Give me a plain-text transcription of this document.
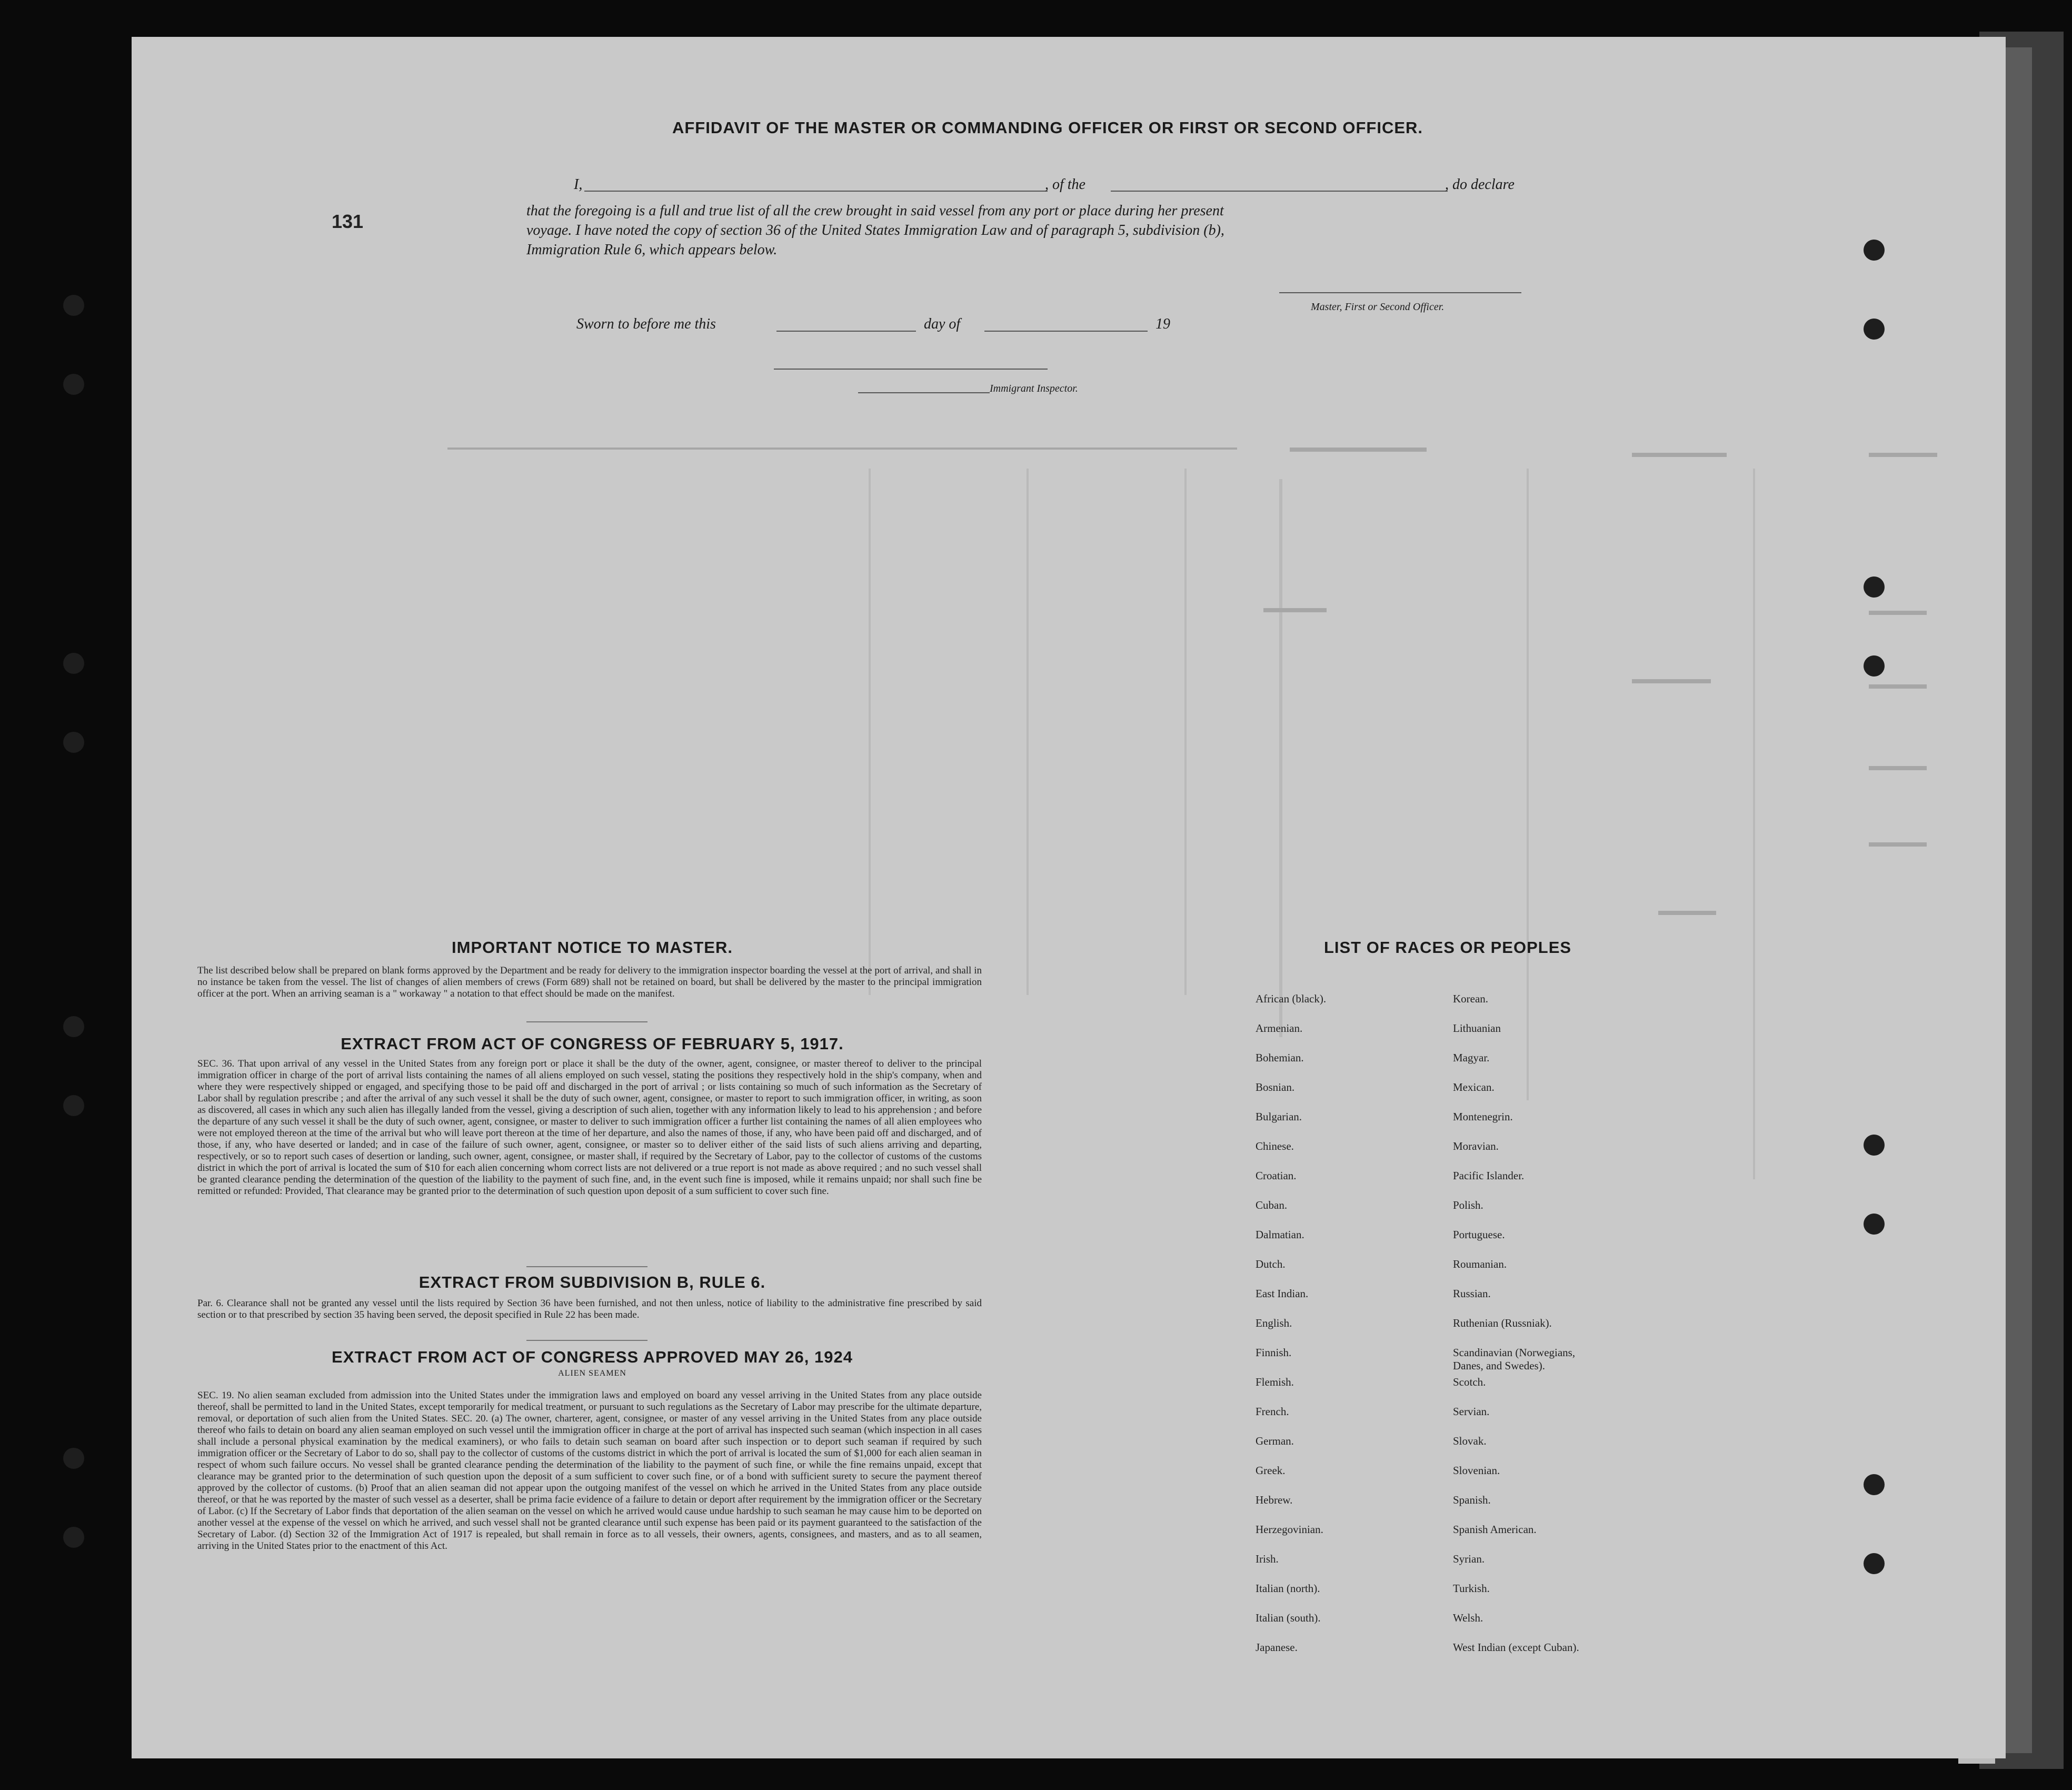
AFFIDAVIT OF THE MASTER OR COMMANDING OFFICER OR FIRST OR SECOND OFFICER.
I,	, of the	, do declare
that the foregoing is a full and true list of all the crew brought in said vessel from any port or place during her present
voyage. I have noted the copy of section 36 of the United States Immigration Law and of paragraph 5, subdivision (b),
Immigration Rule 6, which appears below.
131
Master, First or Second Officer.
Sworn to before me this	day of	19
Immigrant Inspector.
IMPORTANT NOTICE TO MASTER.
The list described below shall be prepared on blank forms approved by the Department and be ready for delivery to the immigration inspector boarding the vessel at the port of arrival, and shall in no instance be taken from the vessel. The list of changes of alien members of crews (Form 689) shall not be retained on board, but shall be delivered by the master to the principal immigration officer at the port. When an arriving seaman is a " workaway " a notation to that effect should be made on the manifest.
EXTRACT FROM ACT OF CONGRESS OF FEBRUARY 5, 1917.
SEC. 36. That upon arrival of any vessel in the United States from any foreign port or place it shall be the duty of the owner, agent, consignee, or master thereof to deliver to the principal immigration officer in charge of the port of arrival lists containing the names of all aliens employed on such vessel, stating the positions they respectively hold in the ship's company, when and where they were respectively shipped or engaged, and specifying those to be paid off and discharged in the port of arrival ; or lists containing so much of such information as the Secretary of Labor shall by regulation prescribe ; and after the arrival of any such vessel it shall be the duty of such owner, agent, consignee, or master to report to such immigration officer, in writing, as soon as discovered, all cases in which any such alien has illegally landed from the vessel, giving a description of such alien, together with any information likely to lead to his apprehension ; and before the departure of any such vessel it shall be the duty of such owner, agent, consignee, or master to deliver to such immigration officer a further list containing the names of all alien employees who were not employed thereon at the time of the arrival but who will leave port thereon at the time of her departure, and also the names of those, if any, who have been paid off and discharged, and of those, if any, who have deserted or landed; and in case of the failure of such owner, agent, consignee, or master so to deliver either of the said lists of such aliens arriving and departing, respectively, or so to report such cases of desertion or landing, such owner, agent, consignee, or master shall, if required by the Secretary of Labor, pay to the collector of customs of the customs district in which the port of arrival is located the sum of $10 for each alien concerning whom correct lists are not delivered or a true report is not made as above required ; and no such vessel shall be granted clearance pending the determination of the question of the liability to the payment of such fine, and, in the event such fine is imposed, while it remains unpaid; nor shall such fine be remitted or refunded: Provided, That clearance may be granted prior to the determination of such question upon deposit of a sum sufficient to cover such fine.
EXTRACT FROM SUBDIVISION B, RULE 6.
Par. 6. Clearance shall not be granted any vessel until the lists required by Section 36 have been furnished, and not then unless, notice of liability to the administrative fine prescribed by said section or to that prescribed by section 35 having been served, the deposit specified in Rule 22 has been made.
EXTRACT FROM ACT OF CONGRESS APPROVED MAY 26, 1924
ALIEN SEAMEN
SEC. 19. No alien seaman excluded from admission into the United States under the immigration laws and employed on board any vessel arriving in the United States from any place outside thereof, shall be permitted to land in the United States, except temporarily for medical treatment, or pursuant to such regulations as the Secretary of Labor may prescribe for the ultimate departure, removal, or deportation of such alien from the United States. SEC. 20. (a) The owner, charterer, agent, consignee, or master of any vessel arriving in the United States from any place outside thereof who fails to detain on board any alien seaman employed on such vessel until the immigration officer in charge at the port of arrival has inspected such seaman (which inspection in all cases shall include a personal physical examination by the medical examiners), or who fails to detain such seaman on board after such inspection or to deport such seaman if required by such immigration officer or the Secretary of Labor to do so, shall pay to the collector of customs of the customs district in which the port of arrival is located the sum of $1,000 for each alien seaman in respect of whom such failure occurs. No vessel shall be granted clearance pending the determination of the liability to the payment of such fine, or while the fine remains unpaid, except that clearance may be granted prior to the determination of such question upon the deposit of a sum sufficient to cover such fine, or of a bond with sufficient surety to secure the payment thereof approved by the collector of customs. (b) Proof that an alien seaman did not appear upon the outgoing manifest of the vessel on which he arrived in the United States from any place outside thereof, or that he was reported by the master of such vessel as a deserter, shall be prima facie evidence of a failure to detain or deport after requirement by the immigration officer or the Secretary of Labor. (c) If the Secretary of Labor finds that deportation of the alien seaman on the vessel on which he arrived would cause undue hardship to such seaman he may cause him to be deported on another vessel at the expense of the vessel on which he arrived, and such vessel shall not be granted clearance until such expense has been paid or its payment guaranteed to the satisfaction of the Secretary of Labor. (d) Section 32 of the Immigration Act of 1917 is repealed, but shall remain in force as to all vessels, their owners, agents, consignees, and masters, and as to all seamen, arriving in the United States prior to the enactment of this Act.
LIST OF RACES OR PEOPLES
African (black).
Armenian.
Bohemian.
Bosnian.
Bulgarian.
Chinese.
Croatian.
Cuban.
Dalmatian.
Dutch.
East Indian.
English.
Finnish.
Flemish.
French.
German.
Greek.
Hebrew.
Herzegovinian.
Irish.
Italian (north).
Italian (south).
Japanese.
Korean.
Lithuanian
Magyar.
Mexican.
Montenegrin.
Moravian.
Pacific Islander.
Polish.
Portuguese.
Roumanian.
Russian.
Ruthenian (Russniak).
Scandinavian (Norwegians,
Danes, and Swedes).
Scotch.
Servian.
Slovak.
Slovenian.
Spanish.
Spanish American.
Syrian.
Turkish.
Welsh.
West Indian (except Cuban).
